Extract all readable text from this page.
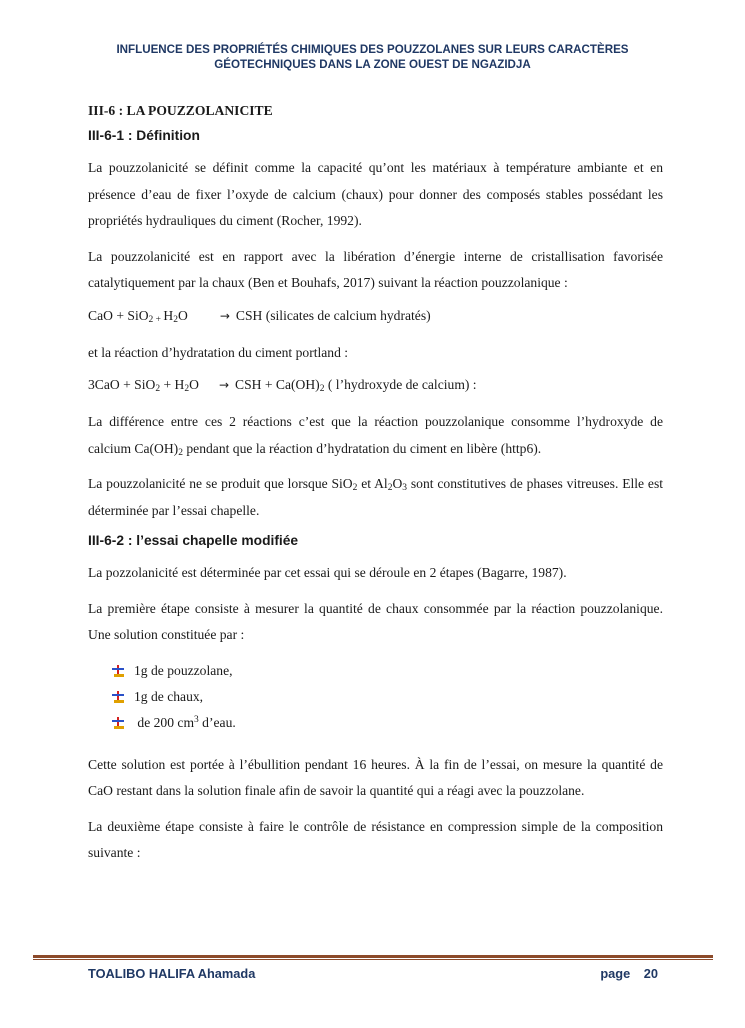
INFLUENCE DES PROPRIÉTÉS CHIMIQUES DES POUZZOLANES SUR LEURS CARACTÈRES
GÉOTECHNIQUES DANS LA ZONE OUEST DE NGAZIDJA
III-6 : LA POUZZOLANICITE
III-6-1 : Définition

La pouzzolanicité se définit comme la capacité qu’ont les matériaux à température ambiante et en présence d’eau de fixer l’oxyde de calcium (chaux) pour donner des composés stables possédant les propriétés hydrauliques du ciment (Rocher, 1992).

La pouzzolanicité est en rapport avec la libération d’énergie interne de cristallisation favorisée catalytiquement par la chaux (Ben et Bouhafs, 2017) suivant la réaction pouzzolanique :

CaO + SiO$_2$ $_+$ $H_2O$	→ CSH (silicates de calcium hydratés)

et la réaction d’hydratation du ciment portland :

$3CaO + SiO_2 + H_2O$ → CSH + $Ca(OH)_2$ ( l’hydroxyde de calcium) :

La différence entre ces 2 réactions c’est que la réaction pouzzolanique consomme l’hydroxyde de calcium $Ca(OH)_2$ pendant que la réaction d’hydratation du ciment en libère (http6).

La pouzzolanicité ne se produit que lorsque SiO$_2$ et $Al_2O_3$ sont constitutives de phases vitreuses. Elle est déterminée par l’essai chapelle.

III-6-2 : l’essai chapelle modifiée

La pozzolanicité est déterminée par cet essai qui se déroule en 2 étapes (Bagarre, 1987).

La première étape consiste à mesurer la quantité de chaux consommée par la réaction pouzzolanique. Une solution constituée par :

1g de pouzzolane,
1g de chaux,
de 200 $cm^3$ d’eau.

Cette solution est portée à l’ébullition pendant 16 heures. À la fin de l’essai, on mesure la quantité de CaO restant dans la solution finale afin de savoir la quantité qui a réagi avec la pouzzolane.

La deuxième étape consiste à faire le contrôle de résistance en compression simple de la composition suivante :

TOALIBO HALIFA Ahamada	page 20
